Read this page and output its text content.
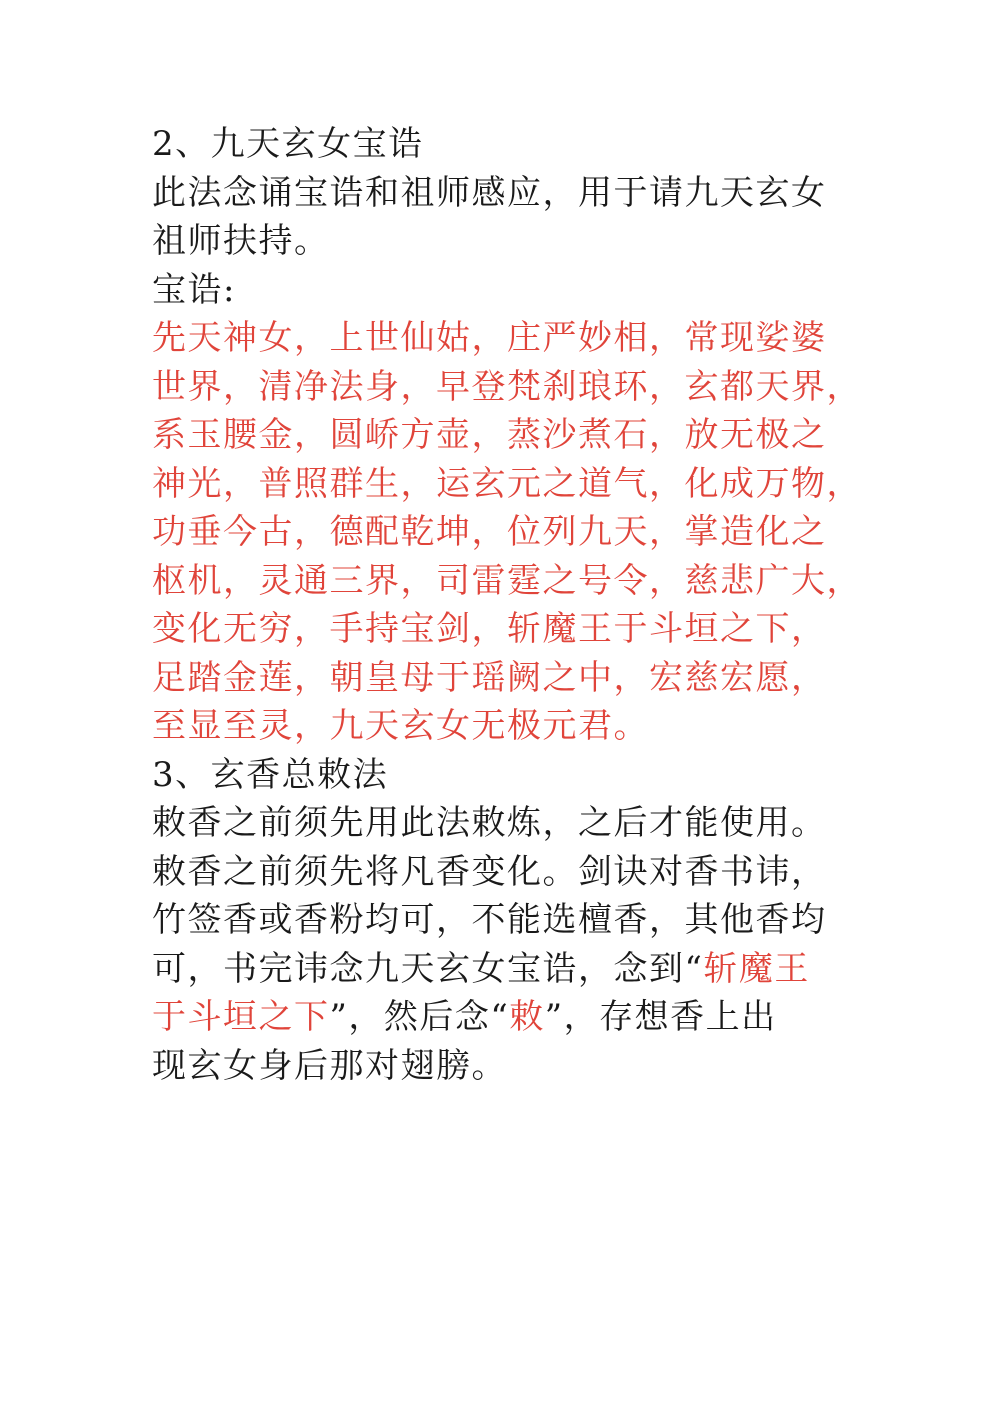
2、九天玄女宝诰
此法念诵宝诰和祖师感应，用于请九天玄女
祖师扶持。
宝诰:
先天神女，上世仙姑，庄严妙相，常现娑婆
世界，清净法身，早登梵刹琅环，玄都天界，
系玉腰金，圆峤方壶，蒸沙煮石，放无极之
神光，普照群生，运玄元之道气，化成万物，
功垂今古，德配乾坤，位列九天，掌造化之
枢机，灵通三界，司雷霆之号令，慈悲广大，
变化无穷，手持宝剑，斩魔王于斗垣之下，
足踏金莲，朝皇母于瑶阙之中，宏慈宏愿，
至显至灵，九天玄女无极元君。
3、玄香总敕法
敕香之前须先用此法敕炼，之后才能使用。
敕香之前须先将凡香变化。剑诀对香书讳，
竹签香或香粉均可，不能选檀香，其他香均
可，书完讳念九天玄女宝诰，念到“斩魔王
于斗垣之下”，然后念“敕”，存想香上出
现玄女身后那对翅膀。
